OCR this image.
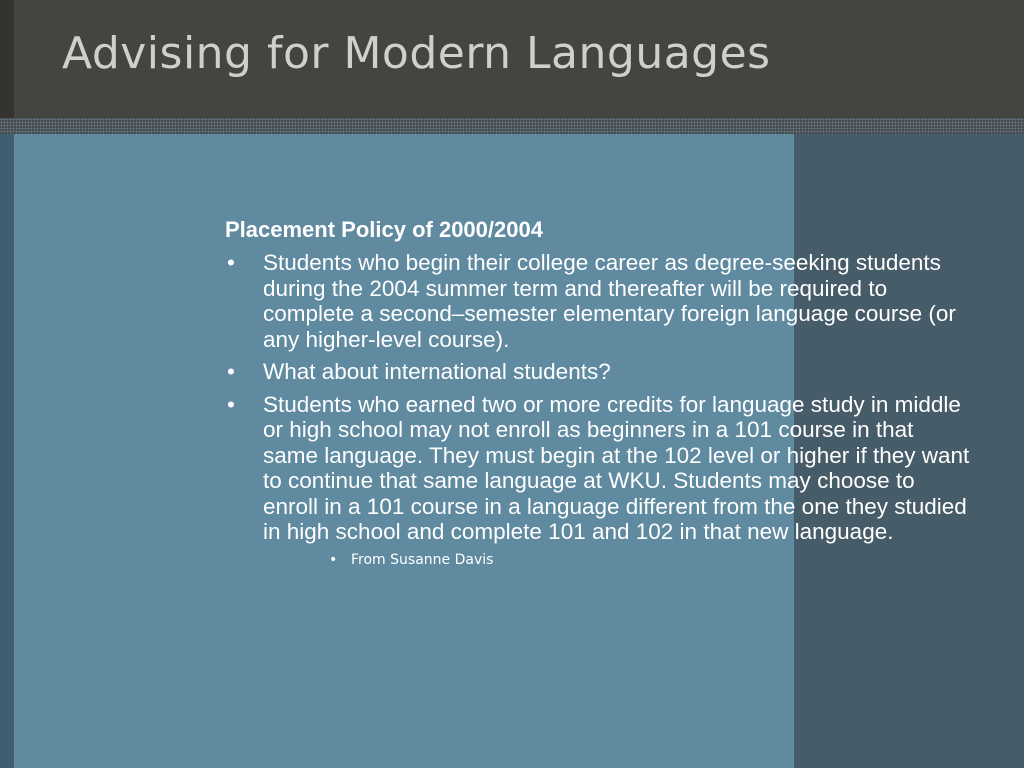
Advising for Modern Languages
Placement Policy of 2000/2004
• Students who begin their college career as degree-seeking students during the 2004 summer term and thereafter will be required to complete a second–semester elementary foreign language course (or any higher-level course).
• What about international students?
• Students who earned two or more credits for language study in middle or high school may not enroll as beginners in a 101 course in that same language. They must begin at the 102 level or higher if they want to continue that same language at WKU. Students may choose to enroll in a 101 course in a language different from the one they studied in high school and complete 101 and 102 in that new language.
• From Susanne Davis
